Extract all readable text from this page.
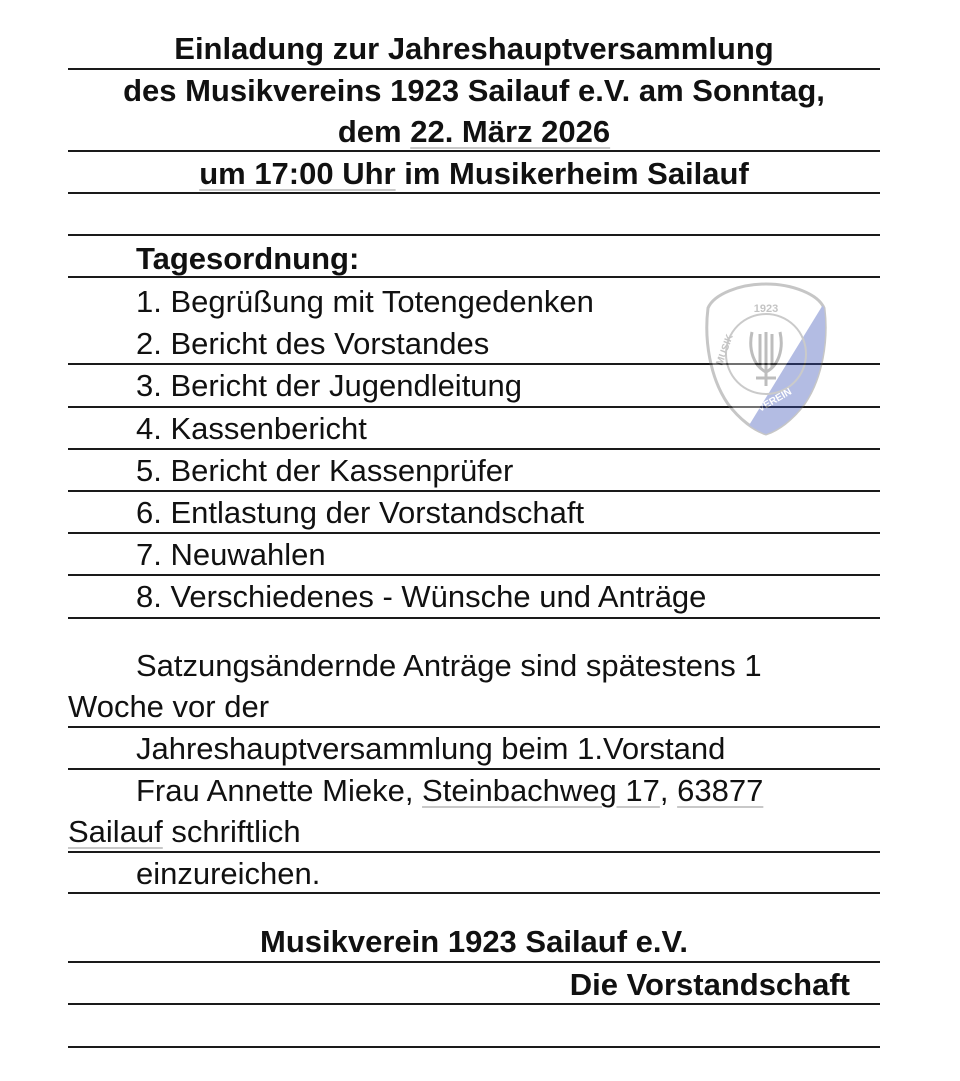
1923
MUSIK
VEREIN
Einladung zur Jahreshauptversammlung
des Musikvereins 1923 Sailauf e.V. am Sonntag,
dem 22. März 2026
um 17:00 Uhr im Musikerheim Sailauf
Tagesordnung:
1. Begrüßung mit Totengedenken
2. Bericht des Vorstandes
3. Bericht der Jugendleitung
4. Kassenbericht
5. Bericht der Kassenprüfer
6. Entlastung der Vorstandschaft
7. Neuwahlen
8. Verschiedenes - Wünsche und Anträge
Satzungsändernde Anträge sind spätestens 1
Woche vor der
Jahreshauptversammlung beim 1.Vorstand
Frau Annette Mieke, Steinbachweg 17, 63877
Sailauf schriftlich
einzureichen.
Musikverein 1923 Sailauf e.V.
Die Vorstandschaft
